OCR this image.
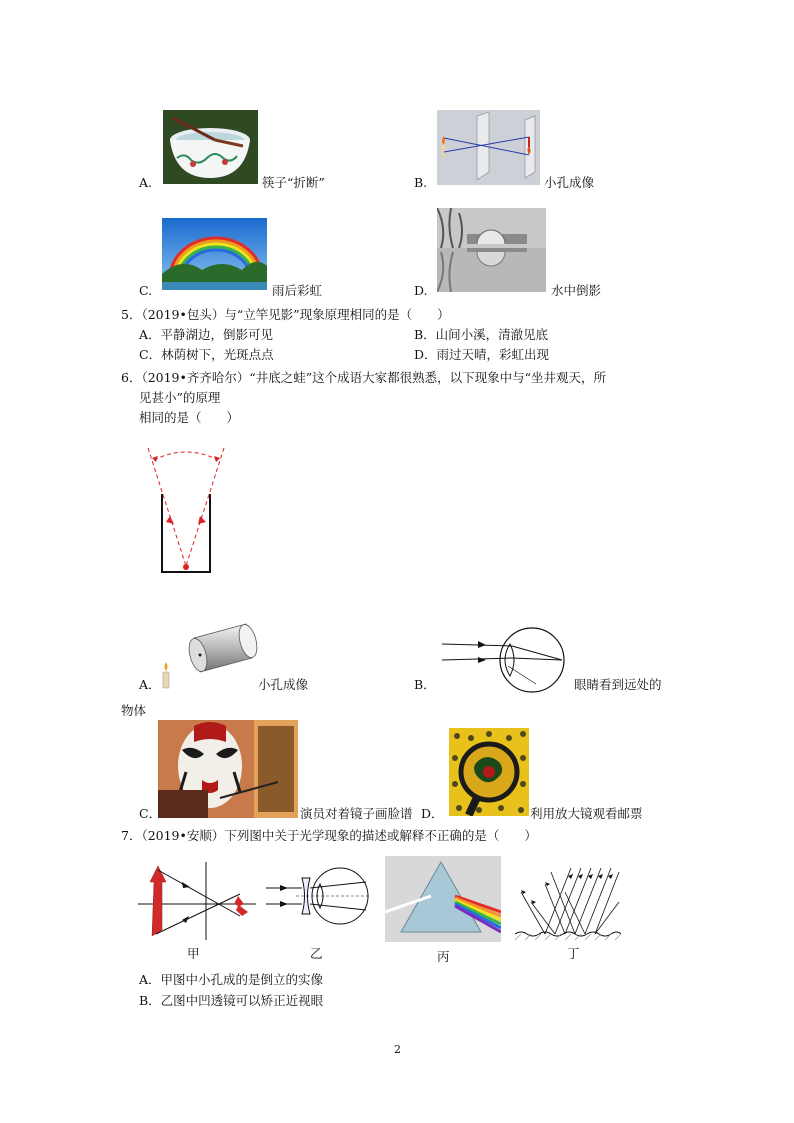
A.	筷子“折断”	B.	小孔成像
C.	雨后彩虹	D.	水中倒影
5．（2019•包头）与“立竿见影”现象原理相同的是（　　）
A．平静湖边，倒影可见	B．山间小溪，清澈见底
C．林荫树下，光斑点点	D．雨过天晴，彩虹出现
6．（2019•齐齐哈尔）“井底之蛙”这个成语大家都很熟悉，以下现象中与“坐井观天，所
见甚小”的原理
相同的是（　　）
A．	小孔成像	B．	眼睛看到远处的
物体
C．	演员对着镜子画脸谱 D．	利用放大镜观看邮票
7．（2019•安顺）下列图中关于光学现象的描述或解释不正确的是（　　）
甲	乙	丙	丁
A．甲图中小孔成的是倒立的实像
B．乙图中凹透镜可以矫正近视眼
2
